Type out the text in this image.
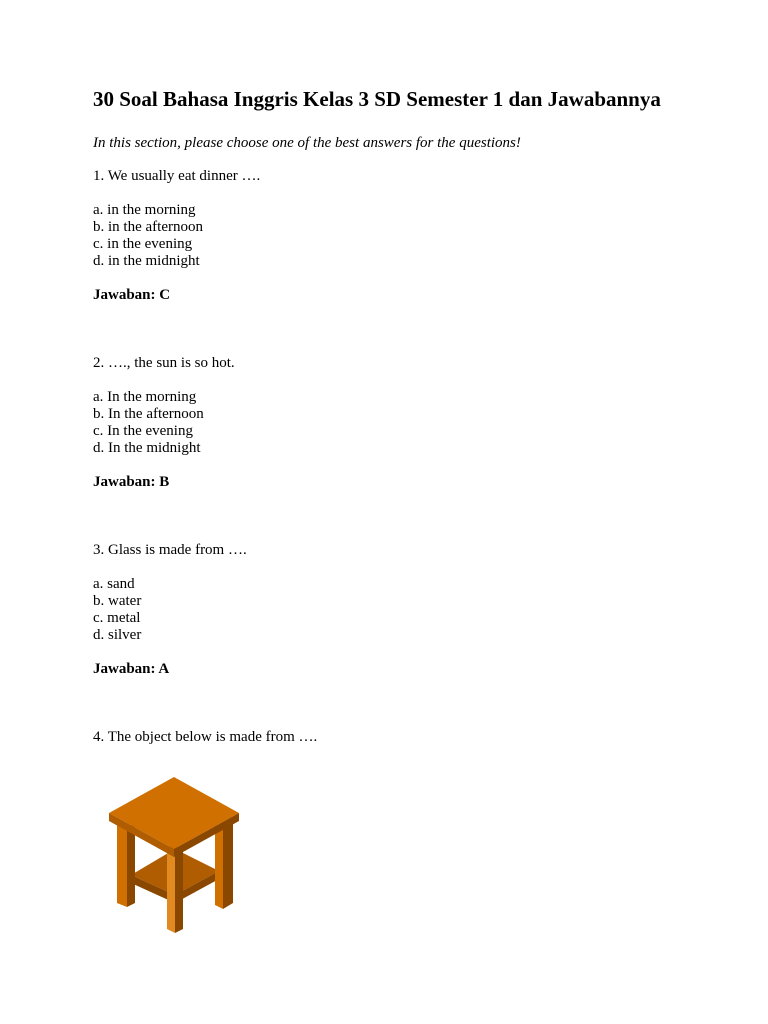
30 Soal Bahasa Inggris Kelas 3 SD Semester 1 dan Jawabannya

In this section, please choose one of the best answers for the questions!

1. We usually eat dinner ….

a. in the morning
b. in the afternoon
c. in the evening
d. in the midnight

Jawaban: C

2. …., the sun is so hot.

a. In the morning
b. In the afternoon
c. In the evening
d. In the midnight

Jawaban: B

3. Glass is made from ….

a. sand
b. water
c. metal
d. silver

Jawaban: A

4. The object below is made from ….
